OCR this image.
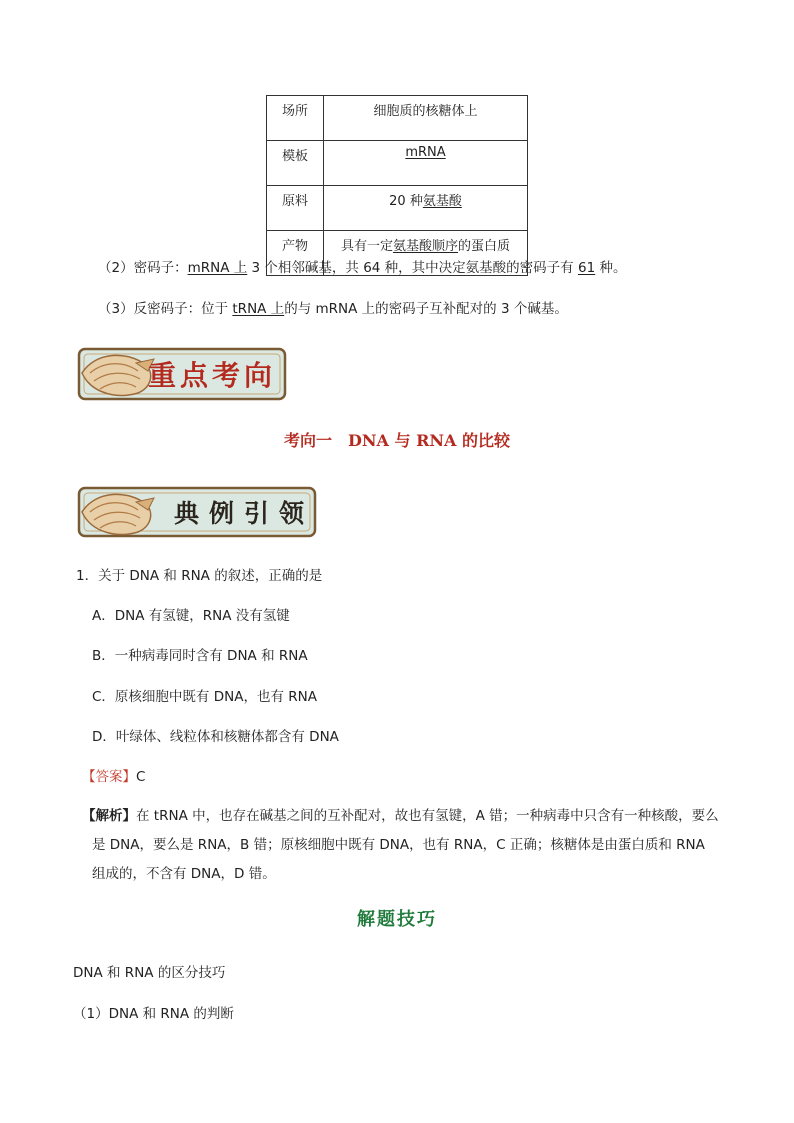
场所	细胞质的核糖体上
模板	mRNA
原料	20 种氨基酸
产物	具有一定氨基酸顺序的蛋白质
（2）密码子：mRNA 上 3 个相邻碱基，共 64 种，其中决定氨基酸的密码子有 61 种。
（3）反密码子：位于 tRNA 上的与 mRNA 上的密码子互补配对的 3 个碱基。
重点考向
考向一　DNA 与 RNA 的比较
典例引领
1．关于 DNA 和 RNA 的叙述，正确的是
A．DNA 有氢键，RNA 没有氢键
B．一种病毒同时含有 DNA 和 RNA
C．原核细胞中既有 DNA，也有 RNA
D．叶绿体、线粒体和核糖体都含有 DNA
【答案】C
【解析】在 tRNA 中，也存在碱基之间的互补配对，故也有氢键，A 错；一种病毒中只含有一种核酸，要么是 DNA，要么是 RNA，B 错；原核细胞中既有 DNA，也有 RNA，C 正确；核糖体是由蛋白质和 RNA 组成的，不含有 DNA，D 错。
解题技巧
DNA 和 RNA 的区分技巧
（1）DNA 和 RNA 的判断
